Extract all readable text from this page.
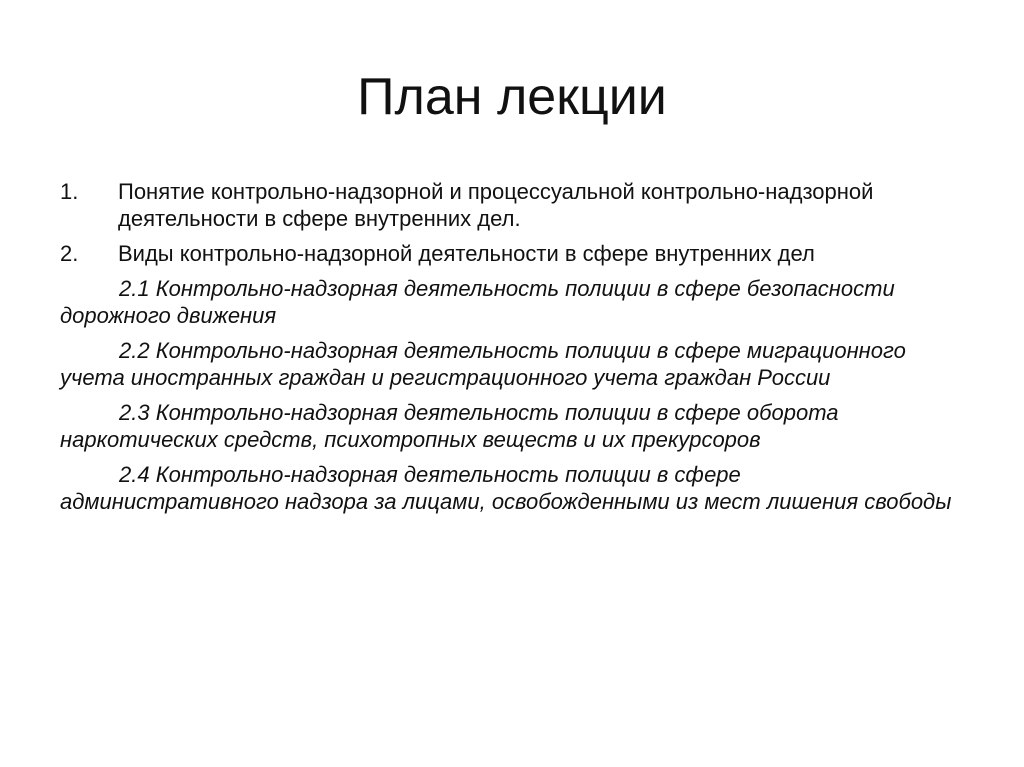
План лекции
1.	Понятие контрольно-надзорной и процессуальной контрольно-надзорной деятельности в сфере внутренних дел.
2.	Виды контрольно-надзорной деятельности в сфере внутренних дел
2.1 Контрольно-надзорная деятельность полиции в сфере безопасности дорожного движения
2.2 Контрольно-надзорная деятельность полиции в сфере миграционного учета иностранных граждан и регистрационного учета граждан России
2.3 Контрольно-надзорная деятельность полиции в сфере оборота наркотических средств, психотропных веществ и их прекурсоров
2.4 Контрольно-надзорная деятельность полиции в сфере административного надзора за лицами, освобожденными из мест лишения свободы
